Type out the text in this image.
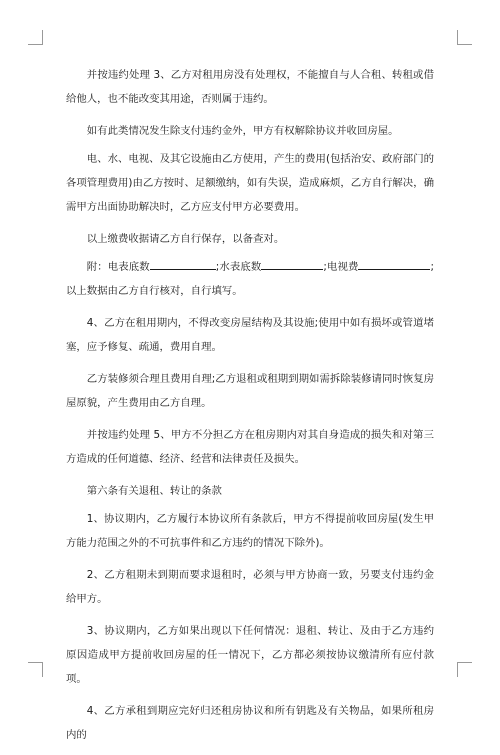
并按违约处理 3、乙方对租用房没有处理权，不能擅自与人合租、转租或借给他人，也不能改变其用途，否则属于违约。

如有此类情况发生除支付违约金外，甲方有权解除协议并收回房屋。

电、水、电视、及其它设施由乙方使用，产生的费用(包括治安、政府部门的各项管理费用)由乙方按时、足额缴纳，如有失误，造成麻烦，乙方自行解决，确需甲方出面协助解决时，乙方应支付甲方必要费用。

以上缴费收据请乙方自行保存，以备查对。

附：电表底数	;水表底数	;电视费	;以上数据由乙方自行核对，自行填写。

4、乙方在租用期内，不得改变房屋结构及其设施;使用中如有损坏或管道堵塞，应予修复、疏通，费用自理。

乙方装修须合理且费用自理;乙方退租或租期到期如需拆除装修请同时恢复房屋原貌，产生费用由乙方自理。

并按违约处理 5、甲方不分担乙方在租房期内对其自身造成的损失和对第三方造成的任何道德、经济、经营和法律责任及损失。

第六条有关退租、转让的条款

1、协议期内，乙方履行本协议所有条款后，甲方不得提前收回房屋(发生甲方能力范围之外的不可抗事件和乙方违约的情况下除外)。

2、乙方租期未到期而要求退租时，必须与甲方协商一致，另要支付违约金给甲方。

3、协议期内，乙方如果出现以下任何情况：退租、转让、及由于乙方违约原因造成甲方提前收回房屋的任一情况下，乙方都必须按协议缴清所有应付款项。

4、乙方承租到期应完好归还租房协议和所有钥匙及有关物品，如果所租房内的
